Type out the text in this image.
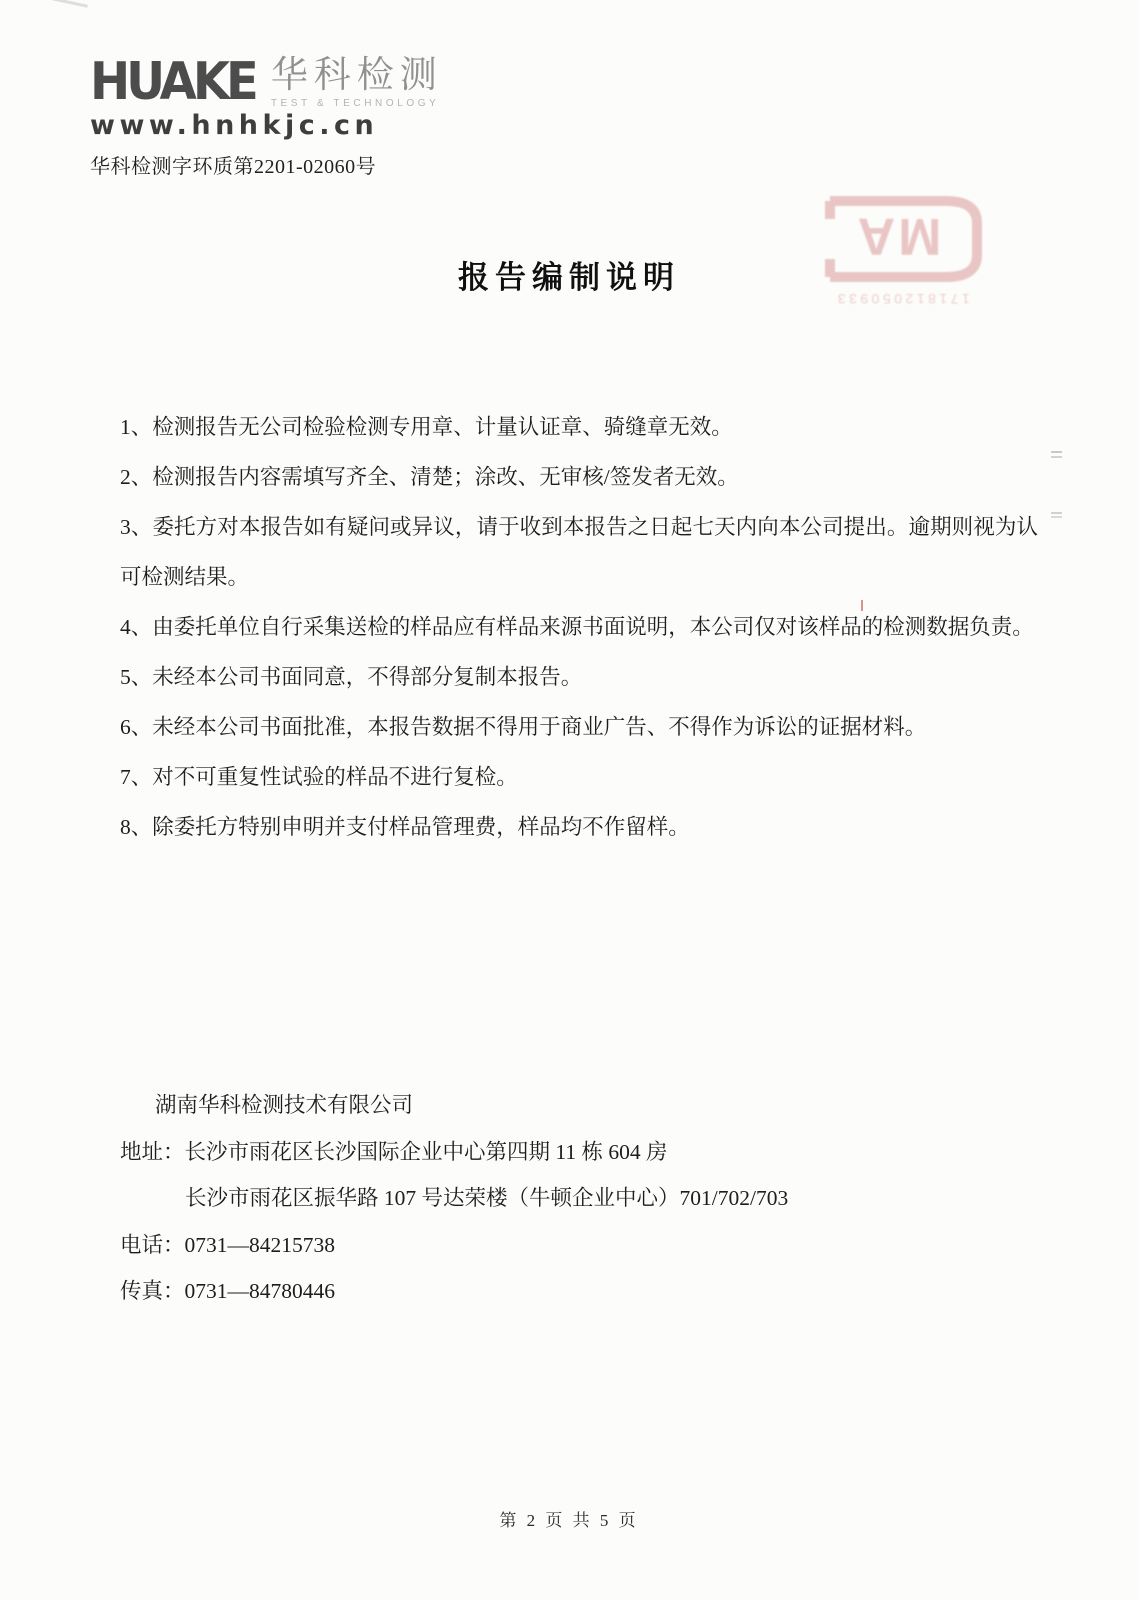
HUAKE 华科检测
TEST & TECHNOLOGY
www.hnhkjc.cn
华科检测字环质第2201-02060号
171812050933
MA
报告编制说明

1、检测报告无公司检验检测专用章、计量认证章、骑缝章无效。

2、检测报告内容需填写齐全、清楚；涂改、无审核/签发者无效。

3、委托方对本报告如有疑问或异议，请于收到本报告之日起七天内向本公司提出。逾期则视为认可检测结果。

4、由委托单位自行采集送检的样品应有样品来源书面说明，本公司仅对该样品的检测数据负责。

5、未经本公司书面同意，不得部分复制本报告。

6、未经本公司书面批准，本报告数据不得用于商业广告、不得作为诉讼的证据材料。

7、对不可重复性试验的样品不进行复检。

8、除委托方特别申明并支付样品管理费，样品均不作留样。

湖南华科检测技术有限公司
地址：长沙市雨花区长沙国际企业中心第四期 11 栋 604 房
长沙市雨花区振华路 107 号达荣楼（牛顿企业中心）701/702/703
电话：0731—84215738
传真：0731—84780446
第 2 页 共 5 页
